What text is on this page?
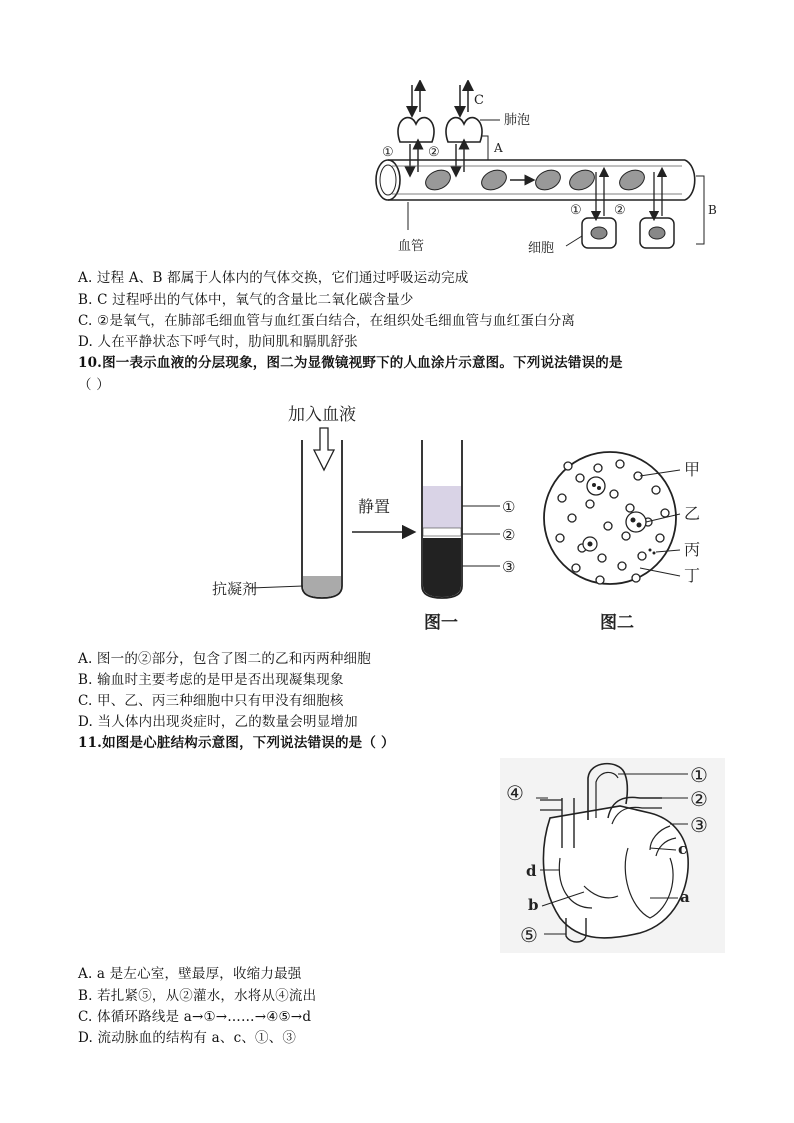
C
肺泡
A
①	②
① ②	B
血管	细胞
A. 过程 A、B 都属于人体内的气体交换，它们通过呼吸运动完成
B. C 过程呼出的气体中，氧气的含量比二氧化碳含量少
C. ②是氧气，在肺部毛细血管与血红蛋白结合，在组织处毛细血管与血红蛋白分离
D. 人在平静状态下呼气时，肋间肌和膈肌舒张
10.图一表示血液的分层现象，图二为显微镜视野下的人血涂片示意图。下列说法错误的是
（ ）
加入血液
抗凝剂
静置	①
②
③
图一
甲
乙
丙
丁
图二
A. 图一的②部分，包含了图二的乙和丙两种细胞
B. 输血时主要考虑的是甲是否出现凝集现象
C. 甲、乙、丙三种细胞中只有甲没有细胞核
D. 当人体内出现炎症时，乙的数量会明显增加
11.如图是心脏结构示意图，下列说法错误的是（ ）
①
②
③
④
⑤
a
b
c
d
A. a 是左心室，壁最厚，收缩力最强
B. 若扎紧⑤，从②灌水，水将从④流出
C. 体循环路线是 a→①→……→④⑤→d
D. 流动脉血的结构有 a、c、①、③
